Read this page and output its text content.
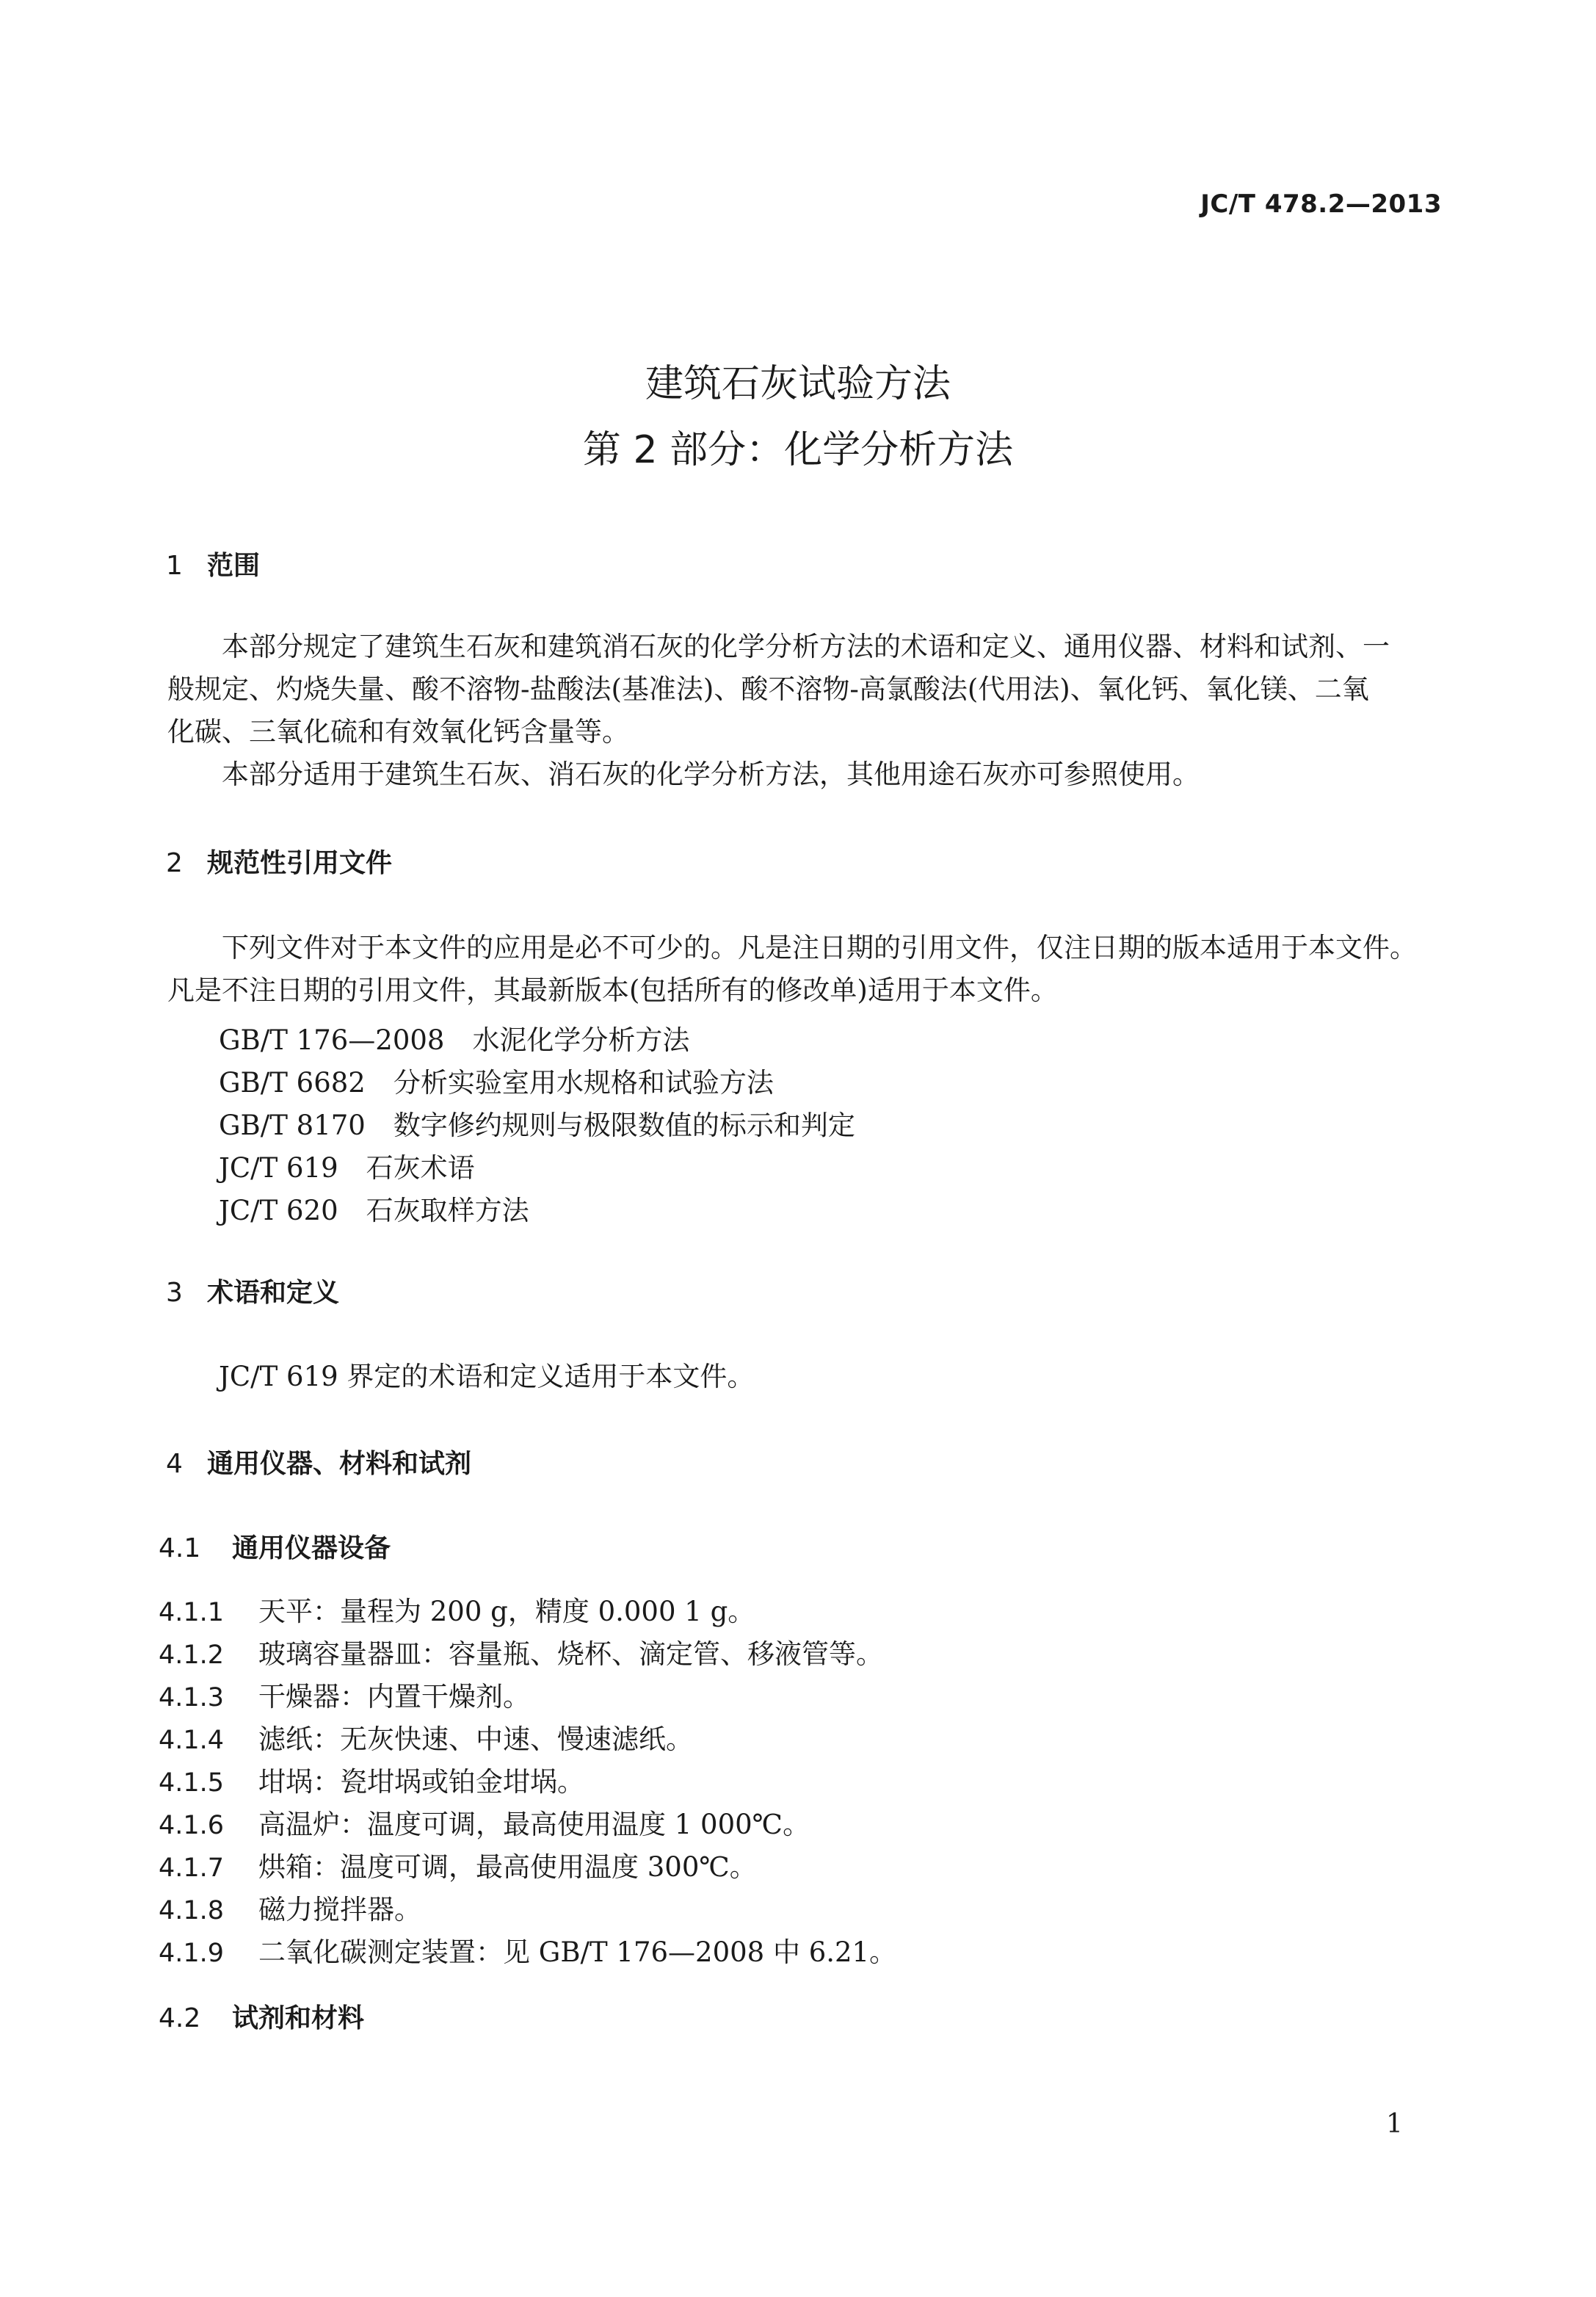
JC/T 478.2—2013
建筑石灰试验方法
第 2 部分：化学分析方法
1 范围
本部分规定了建筑生石灰和建筑消石灰的化学分析方法的术语和定义、通用仪器、材料和试剂、一
般规定、灼烧失量、酸不溶物-盐酸法(基准法)、酸不溶物-高氯酸法(代用法)、氧化钙、氧化镁、二氧
化碳、三氧化硫和有效氧化钙含量等。
本部分适用于建筑生石灰、消石灰的化学分析方法，其他用途石灰亦可参照使用。
2 规范性引用文件
下列文件对于本文件的应用是必不可少的。凡是注日期的引用文件，仅注日期的版本适用于本文件。
凡是不注日期的引用文件，其最新版本(包括所有的修改单)适用于本文件。
GB/T 176—2008 水泥化学分析方法
GB/T 6682 分析实验室用水规格和试验方法
GB/T 8170 数字修约规则与极限数值的标示和判定
JC/T 619 石灰术语
JC/T 620 石灰取样方法
3 术语和定义
JC/T 619 界定的术语和定义适用于本文件。
4 通用仪器、材料和试剂
4.1 通用仪器设备
4.1.1 天平：量程为 200 g，精度 0.000 1 g。
4.1.2 玻璃容量器皿：容量瓶、烧杯、滴定管、移液管等。
4.1.3 干燥器：内置干燥剂。
4.1.4 滤纸：无灰快速、中速、慢速滤纸。
4.1.5 坩埚：瓷坩埚或铂金坩埚。
4.1.6 高温炉：温度可调，最高使用温度 1 000℃。
4.1.7 烘箱：温度可调，最高使用温度 300℃。
4.1.8 磁力搅拌器。
4.1.9 二氧化碳测定装置：见 GB/T 176—2008 中 6.21。
4.2 试剂和材料
1
